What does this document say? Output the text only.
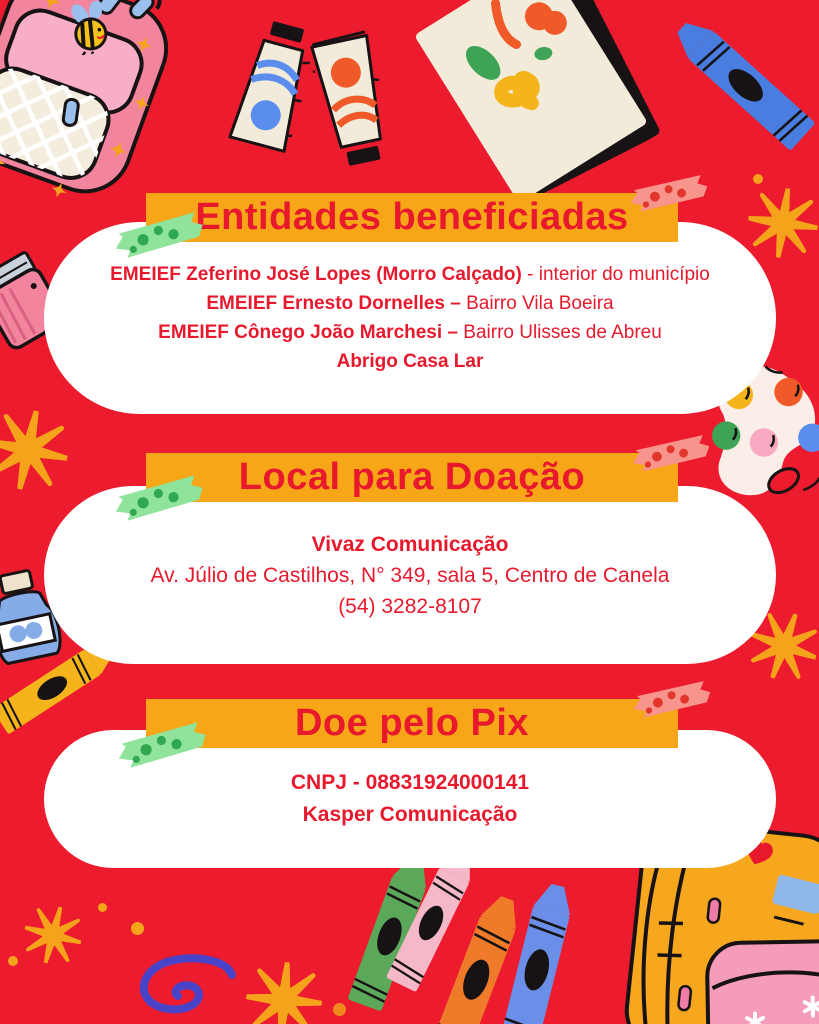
Entidades beneficiadas

EMEIEF Zeferino José Lopes (Morro Calçado) - interior do município

EMEIEF Ernesto Dornelles – Bairro Vila Boeira

EMEIEF Cônego João Marchesi – Bairro Ulisses de Abreu

Abrigo Casa Lar

Local para Doação

Vivaz Comunicação

Av. Júlio de Castilhos, N° 349, sala 5, Centro de Canela

(54) 3282-8107

Doe pelo Pix

CNPJ - 08831924000141

Kasper Comunicação
